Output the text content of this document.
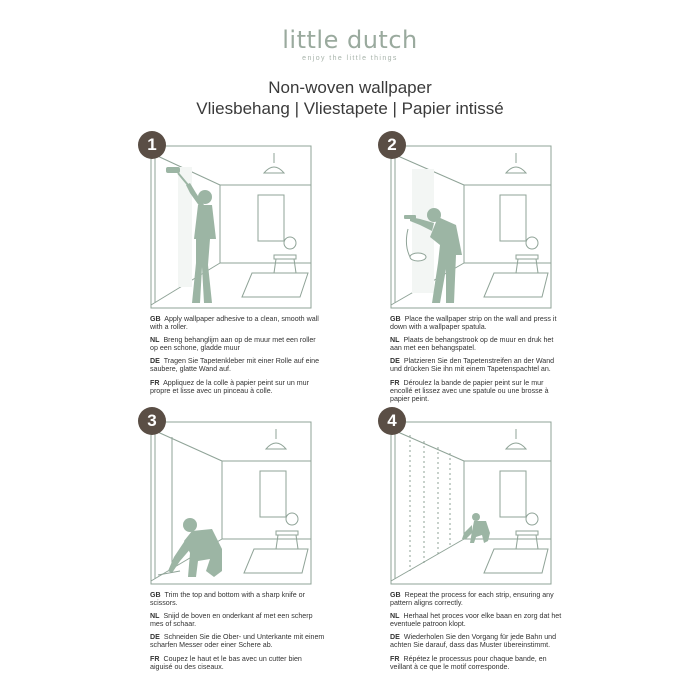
little dutch
enjoy the little things
Non-woven wallpaper
Vliesbehang | Vliestapete | Papier intissé
1

GB Apply wallpaper adhesive to a clean, smooth wall with a roller.

NL Breng behanglijm aan op de muur met een roller op een schone, gladde muur

DE Tragen Sie Tapetenkleber mit einer Rolle auf eine saubere, glatte Wand auf.

FR Appliquez de la colle à papier peint sur un mur propre et lisse avec un pinceau à colle.

2

GB Place the wallpaper strip on the wall and press it down with a wallpaper spatula.

NL Plaats de behangstrook op de muur en druk het aan met een behangspatel.

DE Platzieren Sie den Tapetenstreifen an der Wand und drücken Sie ihn mit einem Tapetenspachtel an.

FR Déroulez la bande de papier peint sur le mur encollé et lissez avec une spatule ou une brosse à papier peint.

3

GB Trim the top and bottom with a sharp knife or scissors.

NL Snijd de boven en onderkant af met een scherp mes of schaar.

DE Schneiden Sie die Ober- und Unterkante mit einem scharfen Messer oder einer Schere ab.

FR Coupez le haut et le bas avec un cutter bien aiguisé ou des ciseaux.

4

GB Repeat the process for each strip, ensuring any pattern aligns correctly.

NL Herhaal het proces voor elke baan en zorg dat het eventuele patroon klopt.

DE Wiederholen Sie den Vorgang für jede Bahn und achten Sie darauf, dass das Muster übereinstimmt.

FR Répétez le processus pour chaque bande, en veillant à ce que le motif corresponde.
